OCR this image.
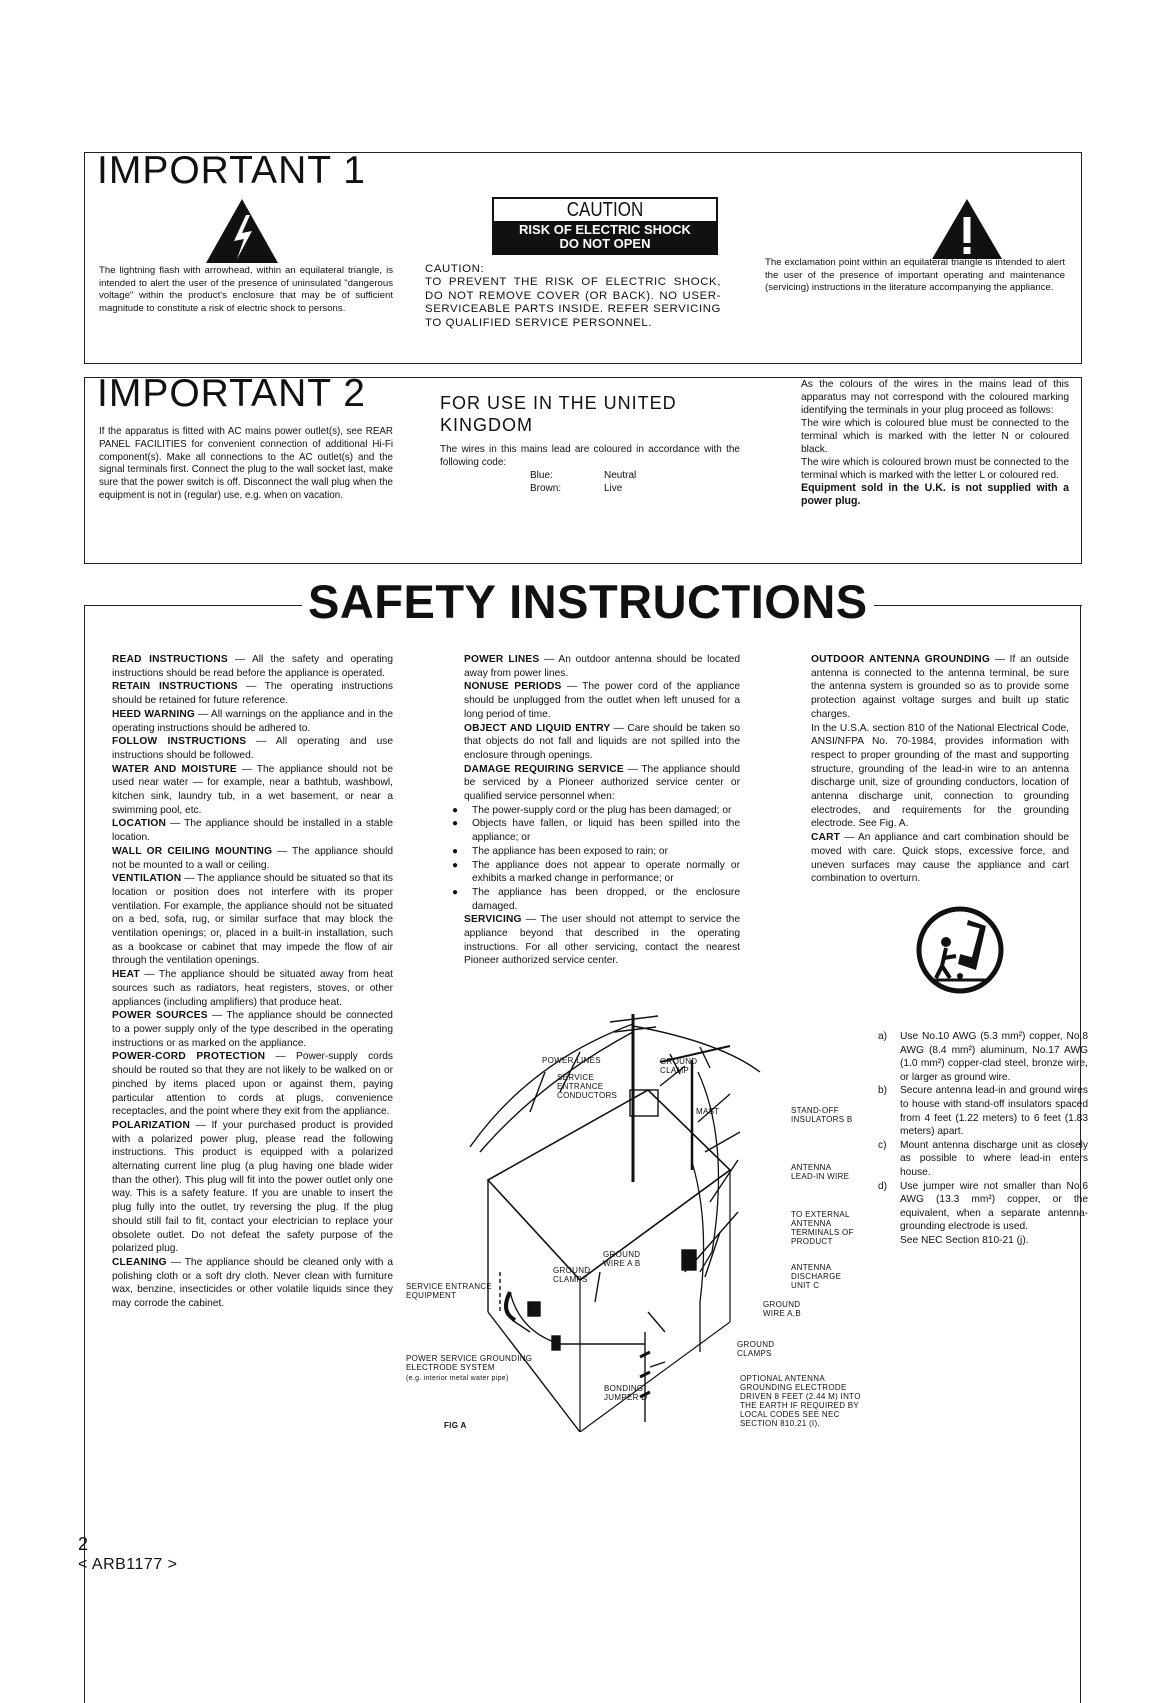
IMPORTANT 1

The lightning flash with arrowhead, within an equilateral triangle, is intended to alert the user of the presence of uninsulated "dangerous voltage" within the product's enclosure that may be of sufficient magnitude to constitute a risk of electric shock to persons.

CAUTION
RISK OF ELECTRIC SHOCK
DO NOT OPEN

CAUTION:

TO PREVENT THE RISK OF ELECTRIC SHOCK, DO NOT REMOVE COVER (OR BACK). NO USER-SERVICEABLE PARTS INSIDE. REFER SERVICING TO QUALIFIED SERVICE PERSONNEL.

The exclamation point within an equilateral triangle is intended to alert the user of the presence of important operating and maintenance (servicing) instructions in the literature accompanying the appliance.

IMPORTANT 2

If the apparatus is fitted with AC mains power outlet(s), see REAR PANEL FACILITIES for convenient connection of additional Hi-Fi component(s). Make all connections to the AC outlet(s) and the signal terminals first. Connect the plug to the wall socket last, make sure that the power switch is off. Disconnect the wall plug when the equipment is not in (regular) use, e.g. when on vacation.

FOR USE IN THE UNITED KINGDOM

The wires in this mains lead are coloured in accordance with the following code:

Blue:	Neutral
Brown:	Live

As the colours of the wires in the mains lead of this apparatus may not correspond with the coloured marking identifying the terminals in your plug proceed as follows:

The wire which is coloured blue must be connected to the terminal which is marked with the letter N or coloured black.

The wire which is coloured brown must be connected to the terminal which is marked with the letter L or coloured red.

Equipment sold in the U.K. is not supplied with a power plug.

SAFETY INSTRUCTIONS

READ INSTRUCTIONS — All the safety and operating instructions should be read before the appliance is operated.

RETAIN INSTRUCTIONS — The operating instructions should be retained for future reference.

HEED WARNING — All warnings on the appliance and in the operating instructions should be adhered to.

FOLLOW INSTRUCTIONS — All operating and use instructions should be followed.

WATER AND MOISTURE — The appliance should not be used near water — for example, near a bathtub, washbowl, kitchen sink, laundry tub, in a wet basement, or near a swimming pool, etc.

LOCATION — The appliance should be installed in a stable location.

WALL OR CEILING MOUNTING — The appliance should not be mounted to a wall or ceiling.

VENTILATION — The appliance should be situated so that its location or position does not interfere with its proper ventilation. For example, the appliance should not be situated on a bed, sofa, rug, or similar surface that may block the ventilation openings; or, placed in a built-in installation, such as a bookcase or cabinet that may impede the flow of air through the ventilation openings.

HEAT — The appliance should be situated away from heat sources such as radiators, heat registers, stoves, or other appliances (including amplifiers) that produce heat.

POWER SOURCES — The appliance should be connected to a power supply only of the type described in the operating instructions or as marked on the appliance.

POWER-CORD PROTECTION — Power-supply cords should be routed so that they are not likely to be walked on or pinched by items placed upon or against them, paying particular attention to cords at plugs, convenience receptacles, and the point where they exit from the appliance.

POLARIZATION — If your purchased product is provided with a polarized power plug, please read the following instructions. This product is equipped with a polarized alternating current line plug (a plug having one blade wider than the other). This plug will fit into the power outlet only one way. This is a safety feature. If you are unable to insert the plug fully into the outlet, try reversing the plug. If the plug should still fail to fit, contact your electrician to replace your obsolete outlet. Do not defeat the safety purpose of the polarized plug.

CLEANING — The appliance should be cleaned only with a polishing cloth or a soft dry cloth. Never clean with furniture wax, benzine, insecticides or other volatile liquids since they may corrode the cabinet.

POWER LINES — An outdoor antenna should be located away from power lines.

NONUSE PERIODS — The power cord of the appliance should be unplugged from the outlet when left unused for a long period of time.

OBJECT AND LIQUID ENTRY — Care should be taken so that objects do not fall and liquids are not spilled into the enclosure through openings.

DAMAGE REQUIRING SERVICE — The appliance should be serviced by a Pioneer authorized service center or qualified service personnel when:

● The power-supply cord or the plug has been damaged; or

● Objects have fallen, or liquid has been spilled into the appliance; or

● The appliance has been exposed to rain; or

● The appliance does not appear to operate normally or exhibits a marked change in performance; or

● The appliance has been dropped, or the enclosure damaged.

SERVICING — The user should not attempt to service the appliance beyond that described in the operating instructions. For all other servicing, contact the nearest Pioneer authorized service center.

OUTDOOR ANTENNA GROUNDING — If an outside antenna is connected to the antenna terminal, be sure the antenna system is grounded so as to provide some protection against voltage surges and built up static charges.

In the U.S.A. section 810 of the National Electrical Code, ANSI/NFPA No. 70-1984, provides information with respect to proper grounding of the mast and supporting structure, grounding of the lead-in wire to an antenna discharge unit, size of grounding conductors, location of antenna discharge unit, connection to grounding electrodes, and requirements for the grounding electrode. See Fig. A.

CART — An appliance and cart combination should be moved with care. Quick stops, excessive force, and uneven surfaces may cause the appliance and cart combination to overturn.

a)	Use No.10 AWG (5.3 mm²) copper, No.8 AWG (8.4 mm²) aluminum, No.17 AWG (1.0 mm²) copper-clad steel, bronze wire, or larger as ground wire.
b)	Secure antenna lead-in and ground wires to house with stand-off insulators spaced from 4 feet (1.22 meters) to 6 feet (1.83 meters) apart.
c)	Mount antenna discharge unit as closely as possible to where lead-in enters house.
d)	Use jumper wire not smaller than No.6 AWG (13.3 mm²) copper, or the equivalent, when a separate antenna-grounding electrode is used.
See NEC Section 810-21 (j).
POWER LINES	GROUND CLAMP
SERVICE ENTRANCE CONDUCTORS
MAST	STAND-OFF INSULATORS B
ANTENNA LEAD-IN WIRE
TO EXTERNAL ANTENNA TERMINALS OF PRODUCT
GROUND WIRE A B
GROUND CLAMPS
ANTENNA DISCHARGE UNIT C
GROUND WIRE A,B
SERVICE ENTRANCE EQUIPMENT
GROUND CLAMPS
POWER SERVICE GROUNDING ELECTRODE SYSTEM
(e.g. interior metal water pipe)
BONDING JUMPER D
OPTIONAL ANTENNA GROUNDING ELECTRODE DRIVEN 8 FEET (2.44 M) INTO THE EARTH IF REQUIRED BY LOCAL CODES SEE NEC SECTION 810.21 (I).
FIG A
2
< ARB1177 >
